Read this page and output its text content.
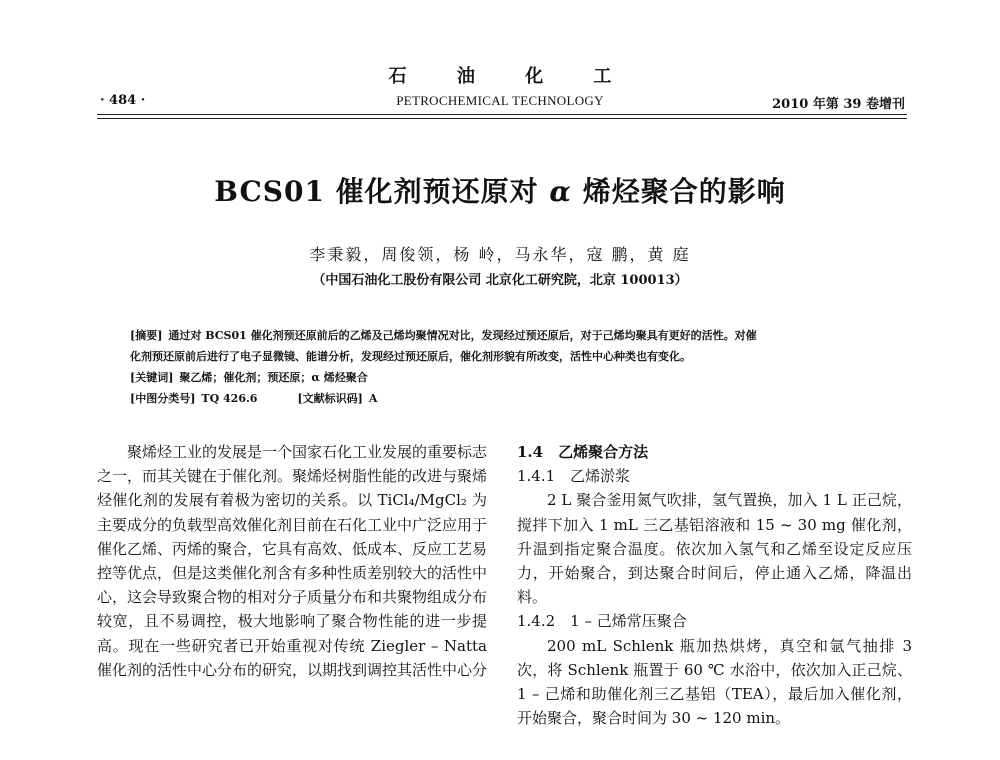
石 油 化 工
· 484 ·	PETROCHEMICAL TECHNOLOGY	2010 年第 39 卷增刊
BCS01 催化剂预还原对 α 烯烃聚合的影响
李秉毅，周俊领，杨 岭，马永华，寇 鹏，黄 庭
（中国石油化工股份有限公司 北京化工研究院，北京 100013）
[摘要] 通过对 BCS01 催化剂预还原前后的乙烯及己烯均聚情况对比，发现经过预还原后，对于己烯均聚具有更好的活性。对催
化剂预还原前后进行了电子显微镜、能谱分析，发现经过预还原后，催化剂形貌有所改变，活性中心种类也有变化。
[关键词] 聚乙烯；催化剂；预还原；α 烯烃聚合
[中图分类号] TQ 426.6	[文献标识码] A

聚烯烃工业的发展是一个国家石化工业发展的重要标志之一，而其关键在于催化剂。聚烯烃树脂性能的改进与聚烯烃催化剂的发展有着极为密切的关系。以 TiCl₄/MgCl₂ 为主要成分的负载型高效催化剂目前在石化工业中广泛应用于催化乙烯、丙烯的聚合，它具有高效、低成本、反应工艺易控等优点，但是这类催化剂含有多种性质差别较大的活性中心，这会导致聚合物的相对分子质量分布和共聚物组成分布较宽，且不易调控，极大地影响了聚合物性能的进一步提高。现在一些研究者已开始重视对传统 Ziegler – Natta 催化剂的活性中心分布的研究，以期找到调控其活性中心分

1.4　乙烯聚合方法

1.4.1　乙烯淤浆

2 L 聚合釜用氮气吹排，氢气置换，加入 1 L 正己烷，搅拌下加入 1 mL 三乙基铝溶液和 15 ~ 30 mg 催化剂，升温到指定聚合温度。依次加入氢气和乙烯至设定反应压力，开始聚合，到达聚合时间后，停止通入乙烯，降温出料。

1.4.2　1 – 己烯常压聚合

200 mL Schlenk 瓶加热烘烤，真空和氩气抽排 3 次，将 Schlenk 瓶置于 60 ℃ 水浴中，依次加入正己烷、1 – 己烯和助催化剂三乙基铝（TEA），最后加入催化剂，开始聚合，聚合时间为 30 ~ 120 min。
